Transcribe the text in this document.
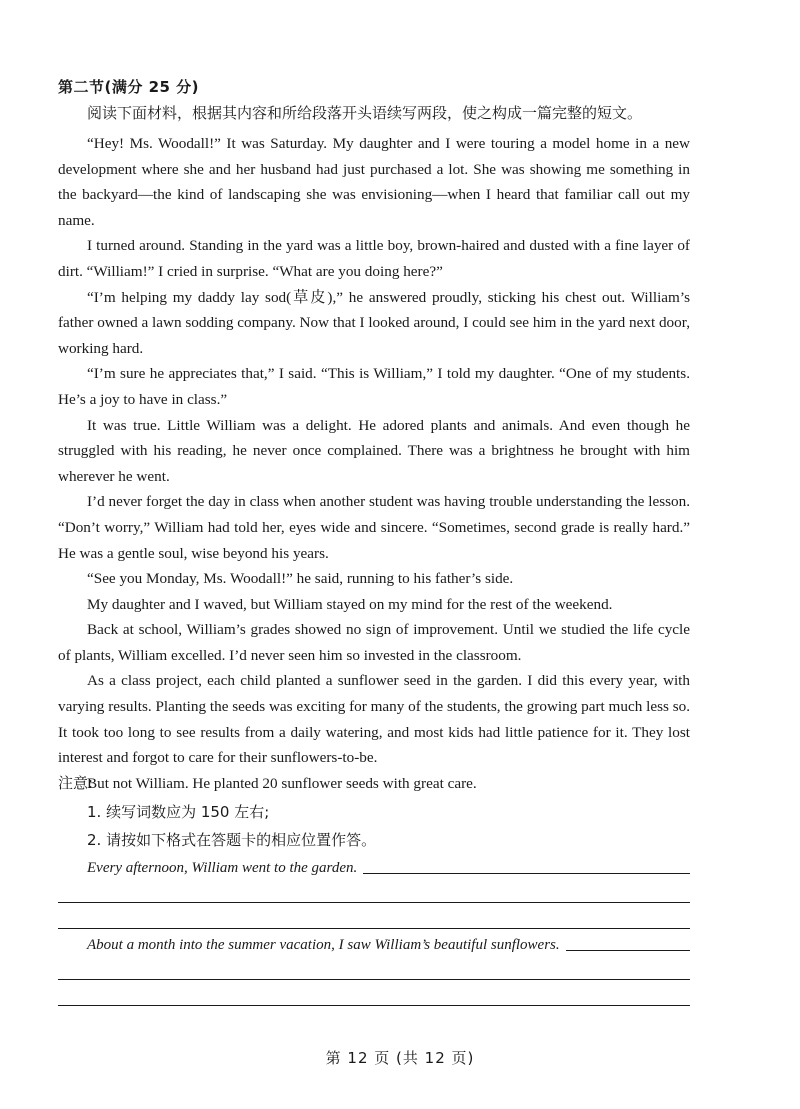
第二节(满分 25 分)
阅读下面材料，根据其内容和所给段落开头语续写两段，使之构成一篇完整的短文。

“Hey! Ms. Woodall!” It was Saturday. My daughter and I were touring a model home in a new development where she and her husband had just purchased a lot. She was showing me something in the backyard—the kind of landscaping she was envisioning—when I heard that familiar call out my name.

I turned around. Standing in the yard was a little boy, brown-haired and dusted with a fine layer of dirt. “William!” I cried in surprise. “What are you doing here?”

“I’m helping my daddy lay sod(草皮),” he answered proudly, sticking his chest out. William’s father owned a lawn sodding company. Now that I looked around, I could see him in the yard next door, working hard.

“I’m sure he appreciates that,” I said. “This is William,” I told my daughter. “One of my students. He’s a joy to have in class.”

It was true. Little William was a delight. He adored plants and animals. And even though he struggled with his reading, he never once complained. There was a brightness he brought with him wherever he went.

I’d never forget the day in class when another student was having trouble understanding the lesson. “Don’t worry,” William had told her, eyes wide and sincere. “Sometimes, second grade is really hard.” He was a gentle soul, wise beyond his years.

“See you Monday, Ms. Woodall!” he said, running to his father’s side.

My daughter and I waved, but William stayed on my mind for the rest of the weekend.

Back at school, William’s grades showed no sign of improvement. Until we studied the life cycle of plants, William excelled. I’d never seen him so invested in the classroom.

As a class project, each child planted a sunflower seed in the garden. I did this every year, with varying results. Planting the seeds was exciting for many of the students, the growing part much less so. It took too long to see results from a daily watering, and most kids had little patience for it. They lost interest and forgot to care for their sunflowers-to-be.

But not William. He planted 20 sunflower seeds with great care.

注意:
1. 续写词数应为 150 左右;
2. 请按如下格式在答题卡的相应位置作答。
Every afternoon, William went to the garden.
About a month into the summer vacation, I saw William’s beautiful sunflowers.
第 12 页 (共 12 页)
